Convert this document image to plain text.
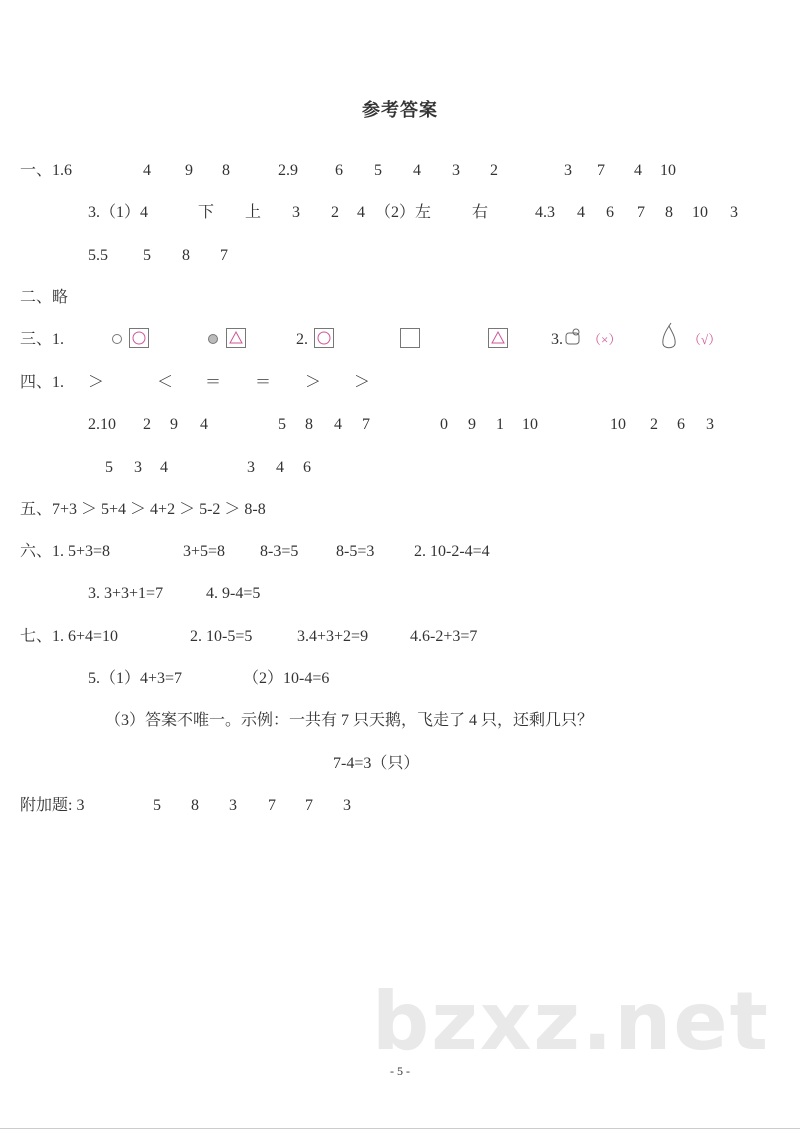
参考答案
一、1.6	4 9 8	2.9 6 5 4 3 2	3 7 4 10
3.（1）4	下 上 3 2 4 （2）左	右	4.3 4 6 7 8 10 3
5.5 5 8 7
二、略
三、1.	2.	3.
四、1. ＞	＜ ＝ ＝ ＞ ＞
2.10 2 9 4	5 8 4 7	0 9 1 10	10 2 6 3
5 3 4	3 4 6
五、7+3 ＞ 5+4 ＞ 4+2 ＞ 5-2 ＞ 8-8
六、1. 5+3=8	3+5=8 8-3=5 8-5=3 2. 10-2-4=4
3. 3+3+1=7	4. 9-4=5
七、1. 6+4=10	2. 10-5=5	3.4+3+2=9	4.6-2+3=7
5.（1）4+3=7	（2）10-4=6
（3）答案不唯一。示例：一共有 7 只天鹅，飞走了 4 只，还剩几只？
7-4=3（只）
附加题: 3	5 8 3 7 7 3
（×）	（√）
bzxz.net
- 5 -
